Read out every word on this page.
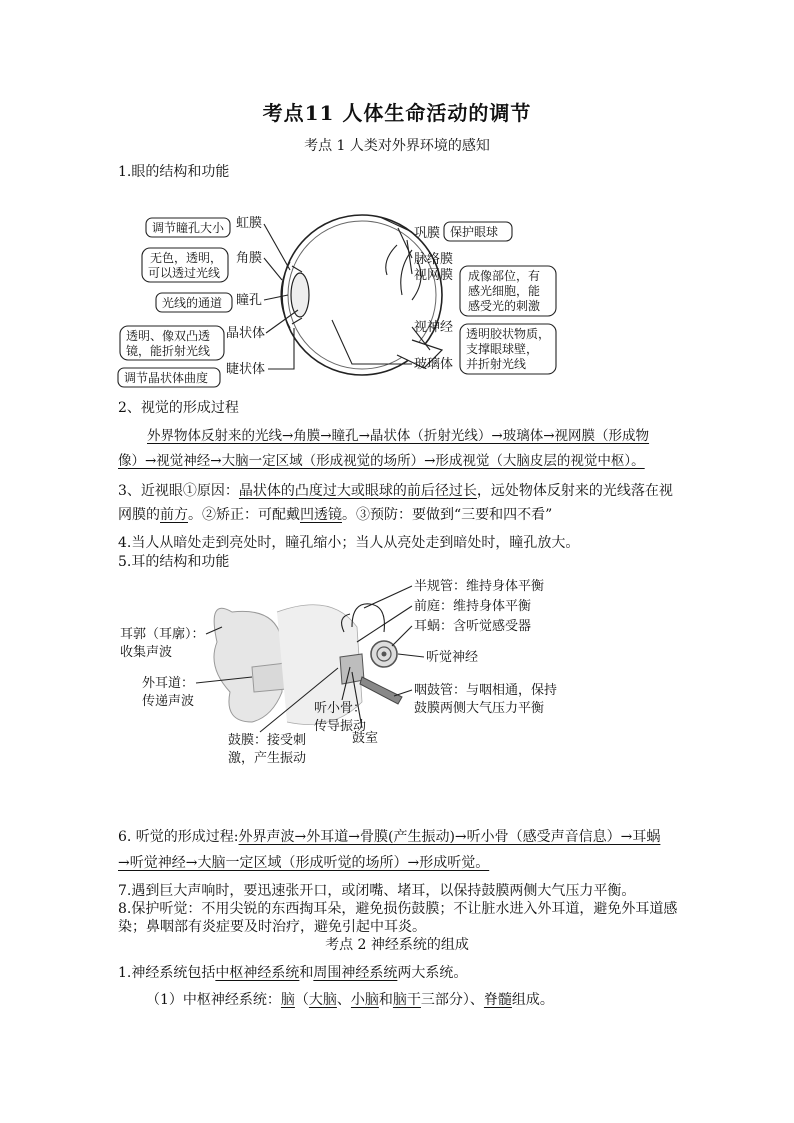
考点11 人体生命活动的调节
考点 1 人类对外界环境的感知
1.眼的结构和功能
调节瞳孔大小
无色，透明，
可以透过光线
光线的通道
透明、像双凸透
镜，能折射光线
调节晶状体曲度
虹膜
角膜
瞳孔
晶状体
睫状体
巩膜
脉络膜
视网膜
视神经
玻璃体
保护眼球
成像部位，有
感光细胞，能
感受光的刺激
透明胶状物质，
支撑眼球壁，
并折射光线
2、视觉的形成过程
外界物体反射来的光线→角膜→瞳孔→晶状体（折射光线）→玻璃体→视网膜（形成物
像）→视觉神经→大脑一定区域（形成视觉的场所）→形成视觉（大脑皮层的视觉中枢）。
3、近视眼①原因：晶状体的凸度过大或眼球的前后径过长，远处物体反射来的光线落在视
网膜的前方。②矫正：可配戴凹透镜。③预防：要做到“三要和四不看”
4.当人从暗处走到亮处时，瞳孔缩小；当人从亮处走到暗处时，瞳孔放大。
5.耳的结构和功能
半规管：维持身体平衡
前庭：维持身体平衡
耳蜗：含听觉感受器
听觉神经
咽鼓管：与咽相通，保持
鼓膜两侧大气压力平衡
鼓室
耳郭（耳廓）：
收集声波
外耳道：
传递声波	听小骨：
传导振动
鼓膜：接受刺
激，产生振动
6. 听觉的形成过程:外界声波→外耳道→骨膜(产生振动)→听小骨（感受声音信息）→耳蜗
→听觉神经→大脑一定区域（形成听觉的场所）→形成听觉。
7.遇到巨大声响时，要迅速张开口，或闭嘴、堵耳，以保持鼓膜两侧大气压力平衡。
8.保护听觉：不用尖锐的东西掏耳朵，避免损伤鼓膜；不让脏水进入外耳道，避免外耳道感
染；鼻咽部有炎症要及时治疗，避免引起中耳炎。
考点 2 神经系统的组成
1.神经系统包括中枢神经系统和周围神经系统两大系统。
（1）中枢神经系统：脑（大脑、小脑和脑干三部分）、脊髓组成。
